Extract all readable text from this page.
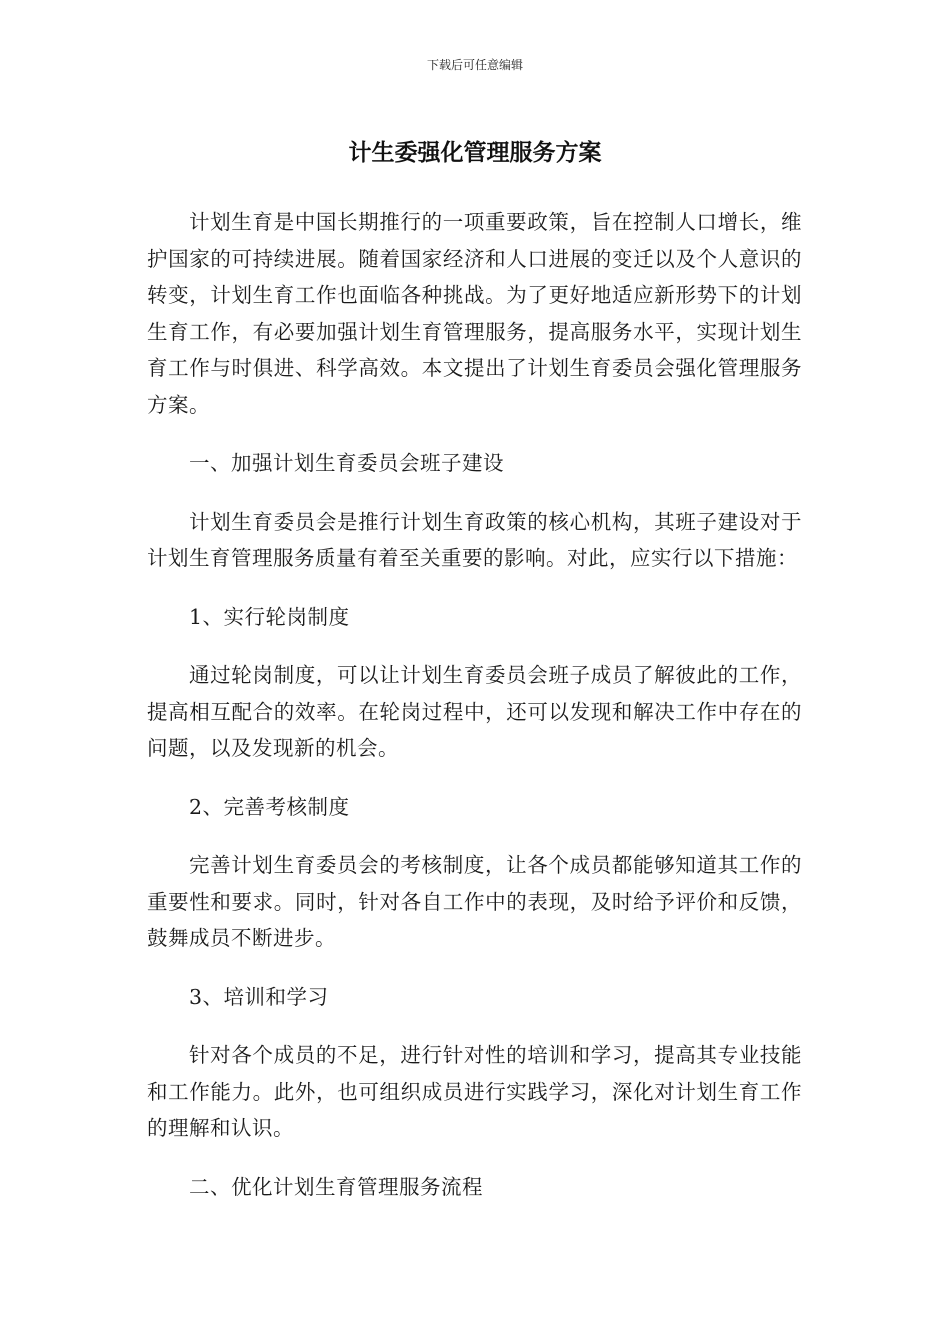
下载后可任意编辑
计生委强化管理服务方案

计划生育是中国长期推行的一项重要政策，旨在控制人口增长，维护国家的可持续进展。随着国家经济和人口进展的变迁以及个人意识的转变，计划生育工作也面临各种挑战。为了更好地适应新形势下的计划生育工作，有必要加强计划生育管理服务，提高服务水平，实现计划生育工作与时俱进、科学高效。本文提出了计划生育委员会强化管理服务方案。

一、加强计划生育委员会班子建设

计划生育委员会是推行计划生育政策的核心机构，其班子建设对于计划生育管理服务质量有着至关重要的影响。对此，应实行以下措施：

1、实行轮岗制度

通过轮岗制度，可以让计划生育委员会班子成员了解彼此的工作，提高相互配合的效率。在轮岗过程中，还可以发现和解决工作中存在的问题，以及发现新的机会。

2、完善考核制度

完善计划生育委员会的考核制度，让各个成员都能够知道其工作的重要性和要求。同时，针对各自工作中的表现，及时给予评价和反馈，鼓舞成员不断进步。

3、培训和学习

针对各个成员的不足，进行针对性的培训和学习，提高其专业技能和工作能力。此外，也可组织成员进行实践学习，深化对计划生育工作的理解和认识。

二、优化计划生育管理服务流程
